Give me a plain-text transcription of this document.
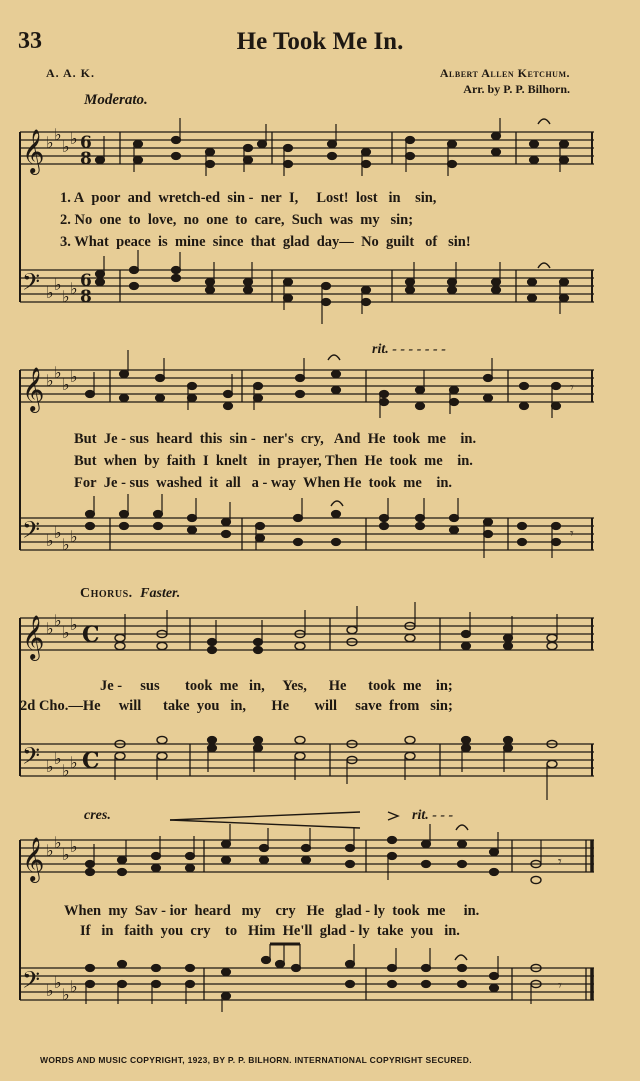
33	He Took Me In.
A. A. K.	Albert Allen Ketchum.
Arr. by P. P. Bilhorn.
Moderato.
rit. - - - - - - -
Chorus. Faster.
cres.	rit. - - -
1. A poor and wretch-ed sin - ner I, Lost! lost in sin,
2. No one to love, no one to care, Such was my sin;
3. What peace is mine since that glad day— No guilt of sin!
But Je - sus heard this sin - ner's cry, And He took me in.
But when by faith I knelt in prayer, Then He took me in.
For Je - sus washed it all a - way When He took me in.
Je - sus took me in, Yes, He took me in;
2d Cho.—He will take you in, He will save from sin;
When my Sav - ior heard my cry He glad - ly took me in.
If in faith you cry to Him He'll glad - ly take you in.
WORDS AND MUSIC COPYRIGHT, 1923, BY P. P. BILHORN. INTERNATIONAL COPYRIGHT SECURED.
𝄞
𝄞
𝄞
𝄞
𝄢
𝄢
𝄢
𝄢
♭ ♭
♭ ♭
♭ ♭
♭ ♭
♭ ♭
♭ ♭
♭ ♭
♭ ♭
♭ ♭
♭ ♭
♭ ♭
♭ ♭
♭ ♭
♭ ♭
♭ ♭
♭ ♭
6
8
6
8
C
C
𝄾
𝄾
𝄾
𝄾
